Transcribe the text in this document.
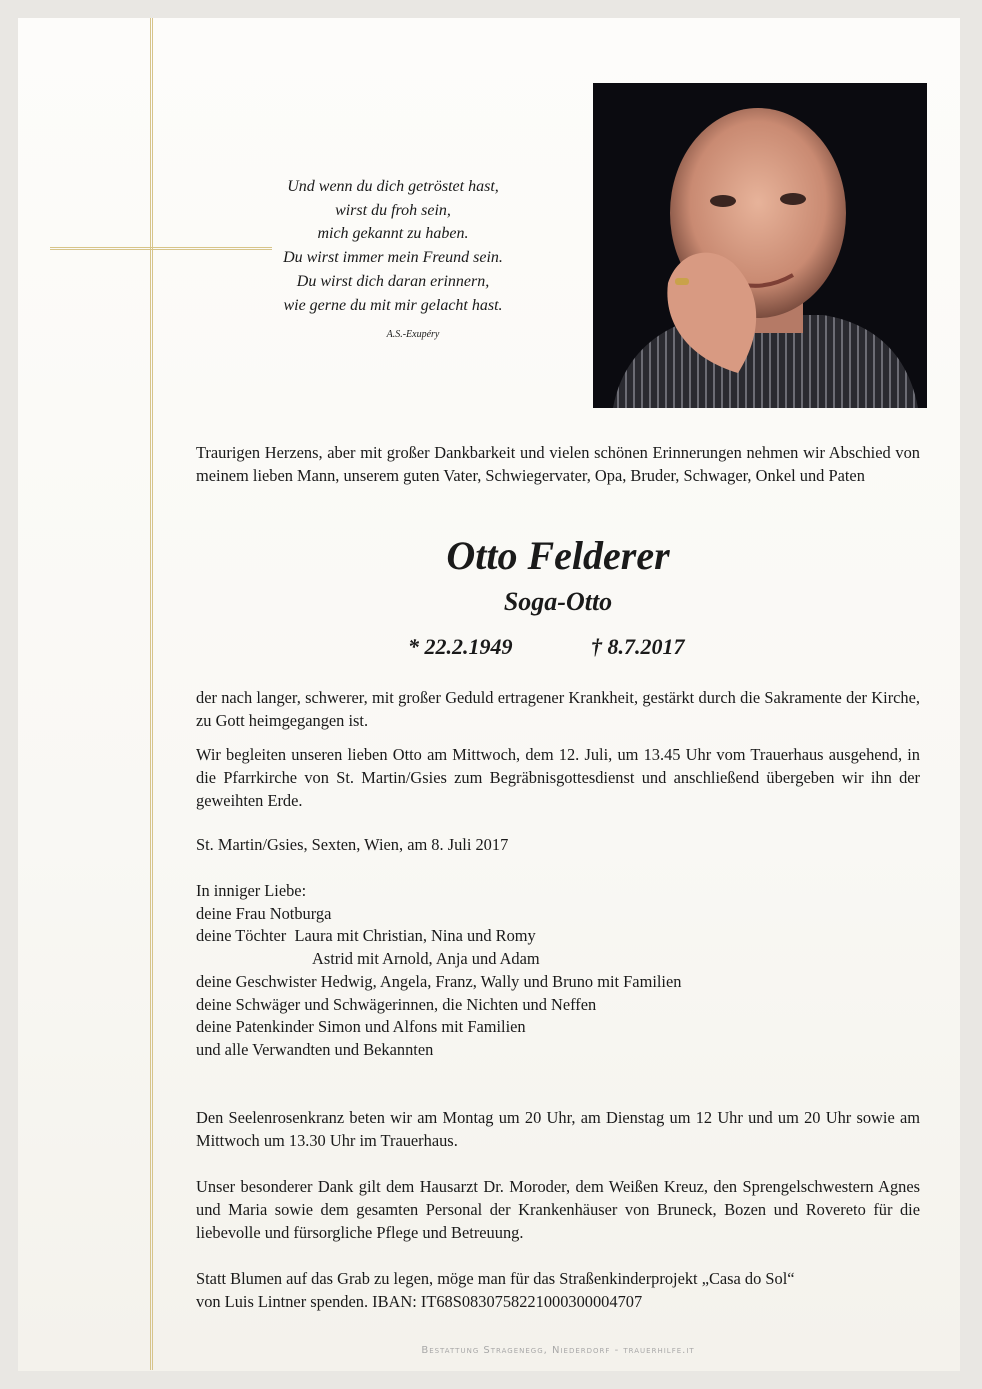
Und wenn du dich getröstet hast,
wirst du froh sein,
mich gekannt zu haben.
Du wirst immer mein Freund sein.
Du wirst dich daran erinnern,
wie gerne du mit mir gelacht hast.
A.S.-Exupéry
Traurigen Herzens, aber mit großer Dankbarkeit und vielen schönen Erinnerungen nehmen wir Abschied von meinem lieben Mann, unserem guten Vater, Schwiegervater, Opa, Bruder, Schwager, Onkel und Paten
Otto Felderer
Soga-Otto
* 22.2.1949	† 8.7.2017
der nach langer, schwerer, mit großer Geduld ertragener Krankheit, gestärkt durch die Sakramente der Kirche, zu Gott heimgegangen ist.
Wir begleiten unseren lieben Otto am Mittwoch, dem 12. Juli, um 13.45 Uhr vom Trauerhaus ausgehend, in die Pfarrkirche von St. Martin/Gsies zum Begräbnisgottesdienst und anschließend übergeben wir ihn der geweihten Erde.
St. Martin/Gsies, Sexten, Wien, am 8. Juli 2017
In inniger Liebe:
deine Frau Notburga
deine Töchter Laura mit Christian, Nina und Romy
Astrid mit Arnold, Anja und Adam
deine Geschwister Hedwig, Angela, Franz, Wally und Bruno mit Familien
deine Schwäger und Schwägerinnen, die Nichten und Neffen
deine Patenkinder Simon und Alfons mit Familien
und alle Verwandten und Bekannten
Den Seelenrosenkranz beten wir am Montag um 20 Uhr, am Dienstag um 12 Uhr und um 20 Uhr sowie am Mittwoch um 13.30 Uhr im Trauerhaus.
Unser besonderer Dank gilt dem Hausarzt Dr. Moroder, dem Weißen Kreuz, den Sprengelschwestern Agnes und Maria sowie dem gesamten Personal der Krankenhäuser von Bruneck, Bozen und Rovereto für die liebevolle und fürsorgliche Pflege und Betreuung.
Statt Blumen auf das Grab zu legen, möge man für das Straßenkinderprojekt „Casa do Sol“
von Luis Lintner spenden. IBAN: IT68S0830758221000300004707
Bestattung Stragenegg, Niederdorf - trauerhilfe.it
